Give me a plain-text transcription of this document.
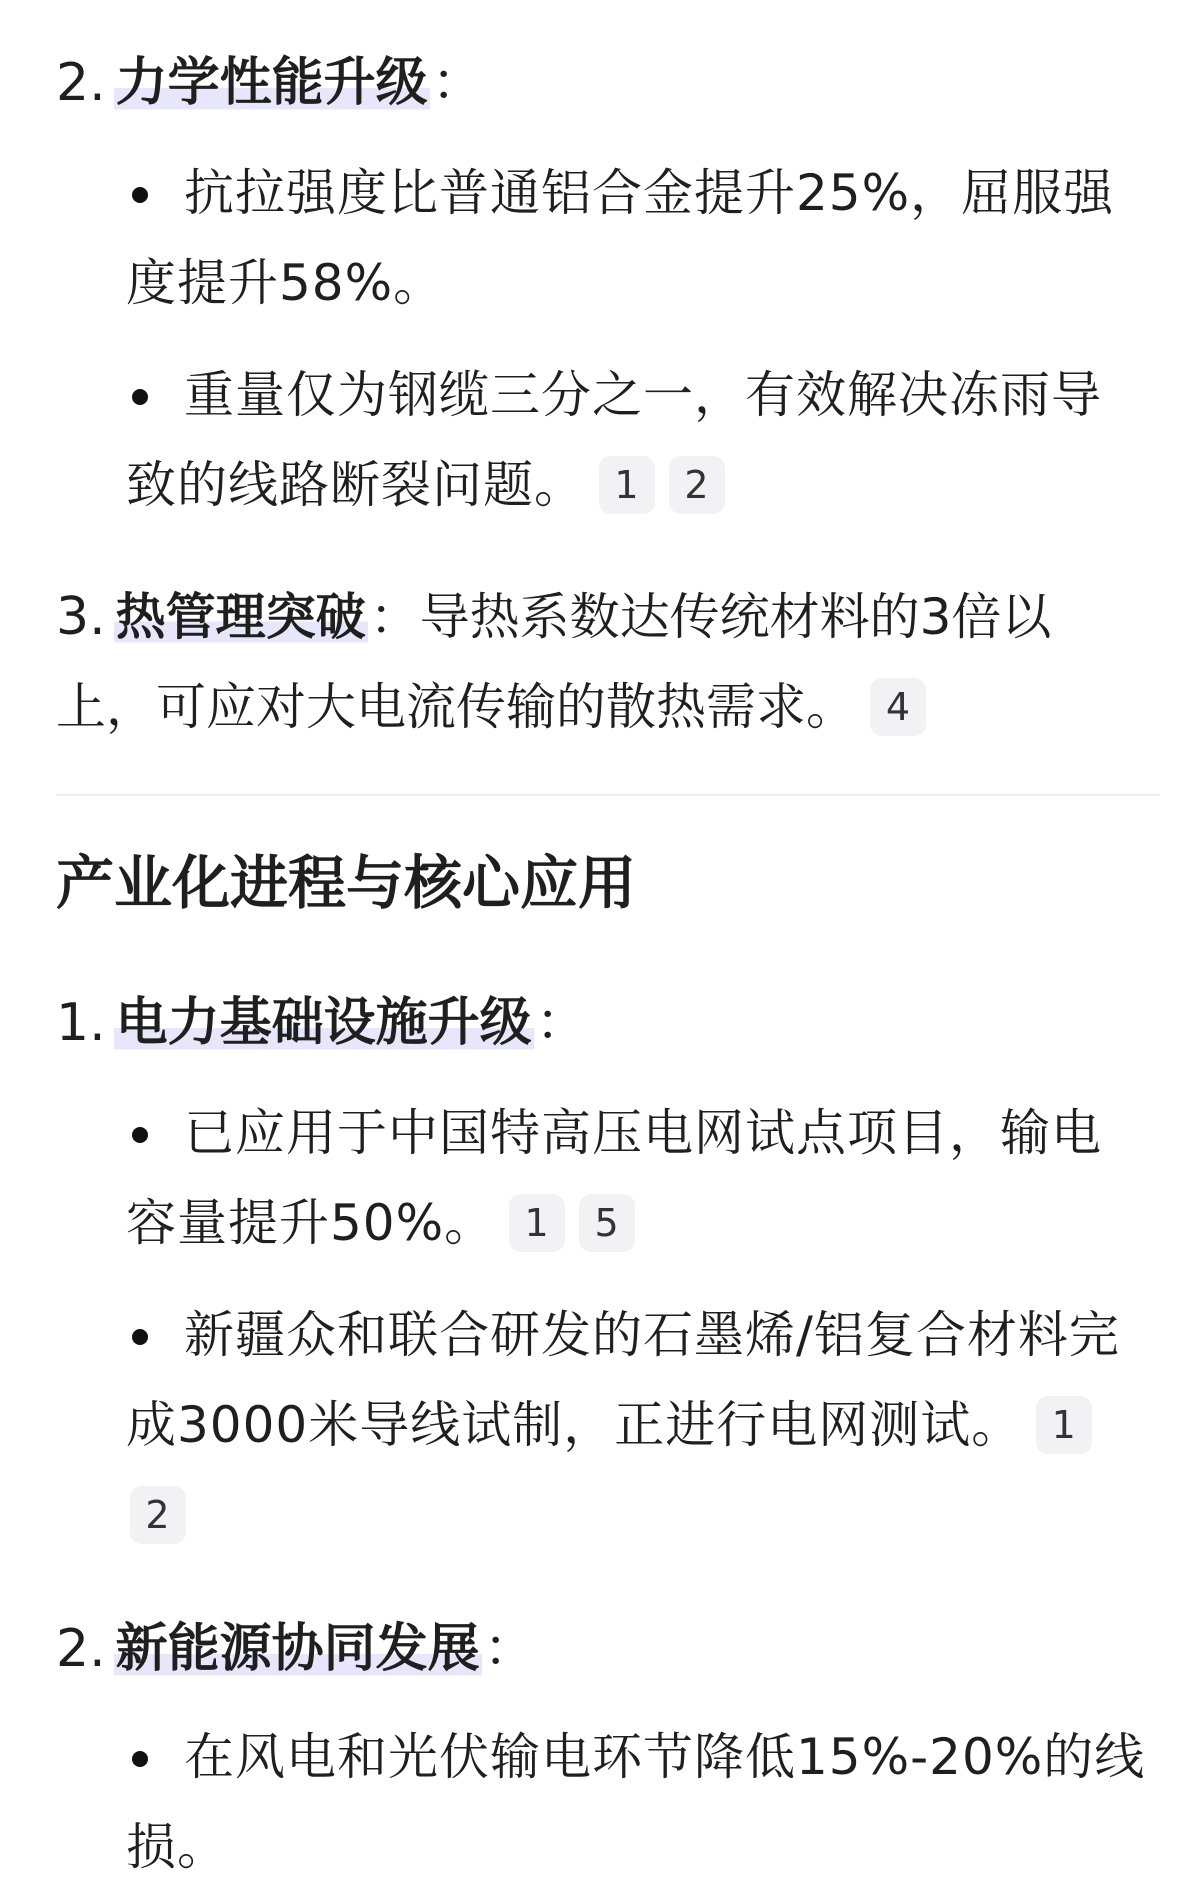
2. 力学性能升级：
抗拉强度比普通铝合金提升25%，屈服强
度提升58%。
重量仅为钢缆三分之一，有效解决冻雨导
致的线路断裂问题。 1 2
3. 热管理突破：导热系数达传统材料的3倍以
上，可应对大电流传输的散热需求。 4
产业化进程与核心应用
1. 电力基础设施升级：
已应用于中国特高压电网试点项目，输电
容量提升50%。 1 5
新疆众和联合研发的石墨烯/铝复合材料完
成3000米导线试制，正进行电网测试。 1
2
2. 新能源协同发展：
在风电和光伏输电环节降低15%-20%的线
损。
